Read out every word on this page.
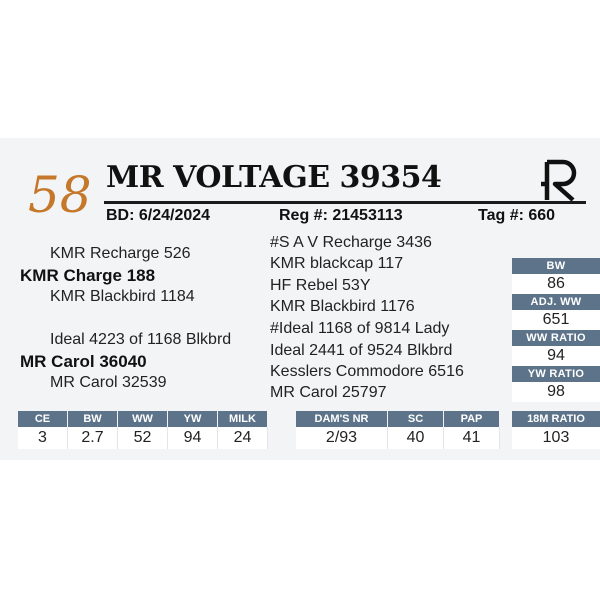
58 MR VOLTAGE 39354
BD: 6/24/2024	Reg #: 21453113	Tag #: 660
KMR Recharge 526
KMR Charge 188
KMR Blackbird 1184
Ideal 4223 of 1168 Blkbrd
MR Carol 36040
MR Carol 32539
#S A V Recharge 3436
KMR blackcap 117
HF Rebel 53Y
KMR Blackbird 1176
#Ideal 1168 of 9814 Lady
Ideal 2441 of 9524 Blkbrd
Kesslers Commodore 6516
MR Carol 25797
BW
86
ADJ. WW
651
WW RATIO
94
YW RATIO
98
CE	BW	WW	YW	MILK
3	2.7	52	94	24
DAM'S NR	SC	PAP
2/93	40	41
18M RATIO
103
